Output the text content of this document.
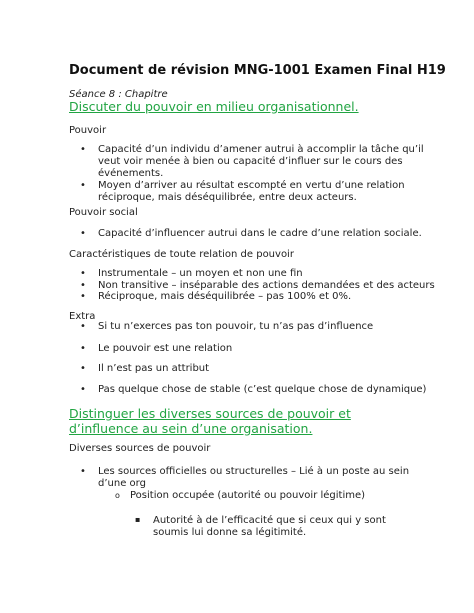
Document de révision MNG-1001 Examen Final H19
Séance 8 : Chapitre
Discuter du pouvoir en milieu organisationnel.
Pouvoir
• Capacité d’un individu d’amener autrui à accomplir la tâche qu’il veut voir menée à bien ou capacité d’influer sur le cours des événements.
• Moyen d’arriver au résultat escompté en vertu d’une relation réciproque, mais déséquilibrée, entre deux acteurs.
Pouvoir social
• Capacité d’influencer autrui dans le cadre d’une relation sociale.
Caractéristiques de toute relation de pouvoir
• Instrumentale – un moyen et non une fin
• Non transitive – inséparable des actions demandées et des acteurs
• Réciproque, mais déséquilibrée – pas 100% et 0%.
Extra
• Si tu n’exerces pas ton pouvoir, tu n’as pas d’influence
• Le pouvoir est une relation
• Il n’est pas un attribut
• Pas quelque chose de stable (c’est quelque chose de dynamique)
Distinguer les diverses sources de pouvoir et d’influence au sein d’une organisation.
Diverses sources de pouvoir
• Les sources officielles ou structurelles – Lié à un poste au sein d’une org
o Position occupée (autorité ou pouvoir légitime)
▪ Autorité à de l’efficacité que si ceux qui y sont soumis lui donne sa légitimité.
